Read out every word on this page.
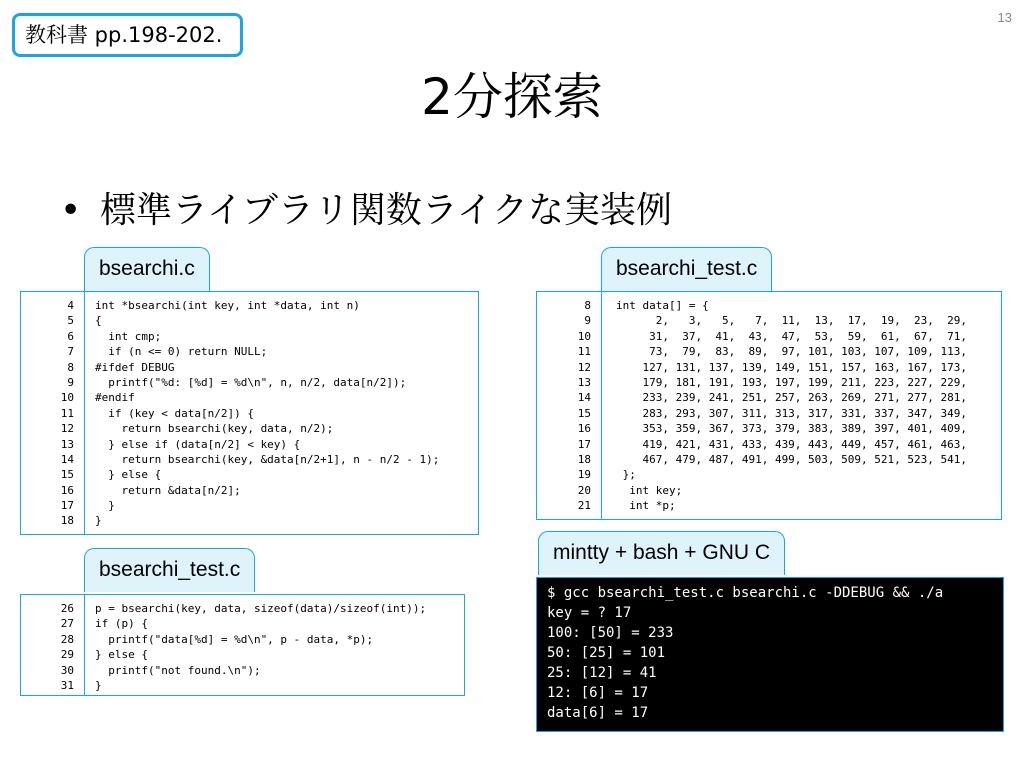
教科書 pp.198-202.
13
2分探索
• 標準ライブラリ関数ライクな実装例
bsearchi.c
4
5
6
7
8
9
10
11
12
13
14
15
16
17
18
int *bsearchi(int key, int *data, int n)
{
int cmp;
if (n <= 0) return NULL;
#ifdef DEBUG
printf("%d: [%d] = %d\n", n, n/2, data[n/2]);
#endif
if (key < data[n/2]) {
return bsearchi(key, data, n/2);
} else if (data[n/2] < key) {
return bsearchi(key, &data[n/2+1], n - n/2 - 1);
} else {
return &data[n/2];
}
}
bsearchi_test.c
8
9
10
11
12
13
14
15
16
17
18
19
20
21
int data[] = {
2,   3,   5,   7,  11,  13,  17,  19,  23,  29,
31,  37,  41,  43,  47,  53,  59,  61,  67,  71,
73,  79,  83,  89,  97, 101, 103, 107, 109, 113,
127, 131, 137, 139, 149, 151, 157, 163, 167, 173,
179, 181, 191, 193, 197, 199, 211, 223, 227, 229,
233, 239, 241, 251, 257, 263, 269, 271, 277, 281,
283, 293, 307, 311, 313, 317, 331, 337, 347, 349,
353, 359, 367, 373, 379, 383, 389, 397, 401, 409,
419, 421, 431, 433, 439, 443, 449, 457, 461, 463,
467, 479, 487, 491, 499, 503, 509, 521, 523, 541,
};
int key;
int *p;
bsearchi_test.c
26
27
28
29
30
31
p = bsearchi(key, data, sizeof(data)/sizeof(int));
if (p) {
printf("data[%d] = %d\n", p - data, *p);
} else {
printf("not found.\n");
}
mintty + bash + GNU C
$ gcc bsearchi_test.c bsearchi.c -DDEBUG && ./a
key = ? 17
100: [50] = 233
50: [25] = 101
25: [12] = 41
12: [6] = 17
data[6] = 17
